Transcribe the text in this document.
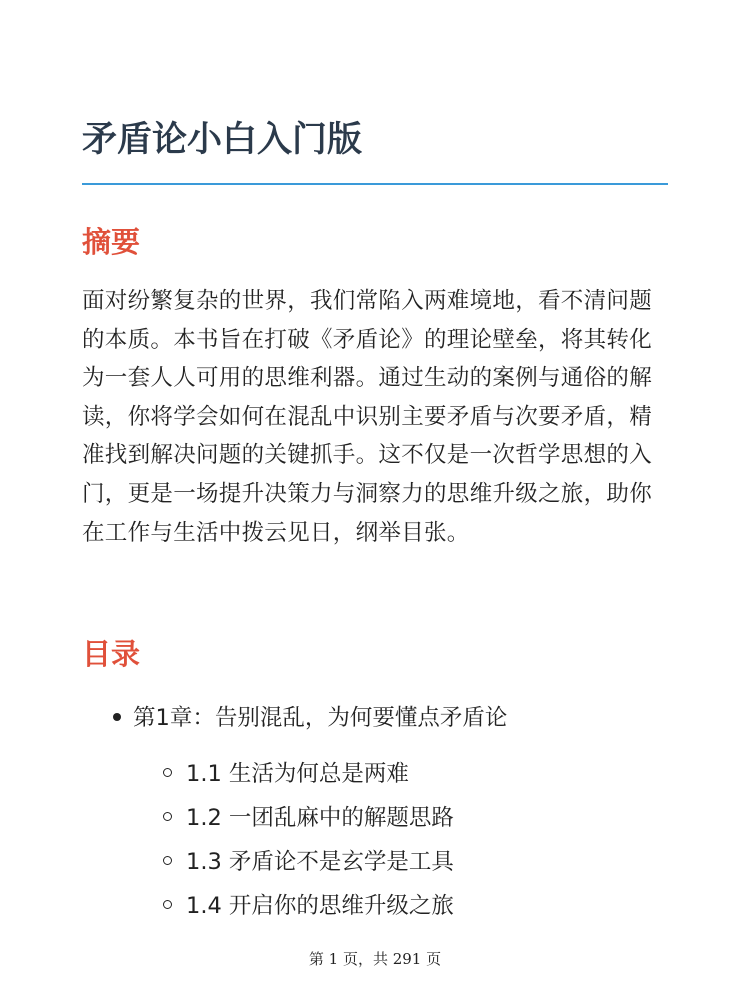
矛盾论小白入门版
摘要

面对纷繁复杂的世界，我们常陷入两难境地，看不清问题的本质。本书旨在打破《矛盾论》的理论壁垒，将其转化为一套人人可用的思维利器。通过生动的案例与通俗的解读，你将学会如何在混乱中识别主要矛盾与次要矛盾，精准找到解决问题的关键抓手。这不仅是一次哲学思想的入门，更是一场提升决策力与洞察力的思维升级之旅，助你在工作与生活中拨云见日，纲举目张。

目录
第1章：告别混乱，为何要懂点矛盾论
1.1 生活为何总是两难
1.2 一团乱麻中的解题思路
1.3 矛盾论不是玄学是工具
1.4 开启你的思维升级之旅
第 1 页，共 291 页
